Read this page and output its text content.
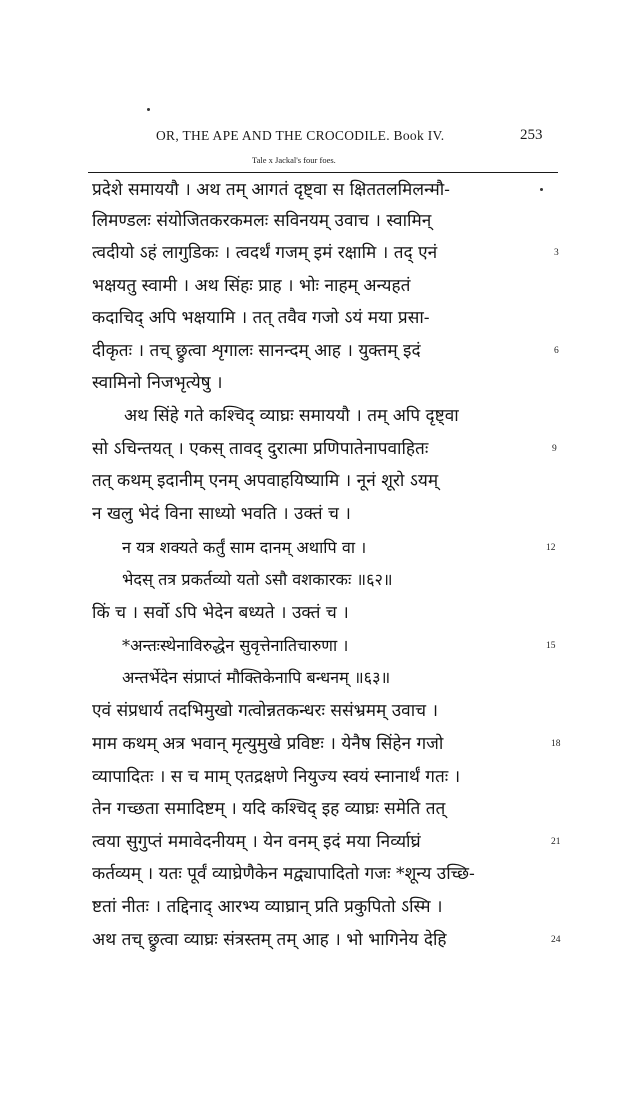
OR, THE APE AND THE CROCODILE. Book IV.	253
Tale x Jackal's four foes.
प्रदेशे समाययौ । अथ तम् आगतं दृष्ट्वा स क्षिततलमिलन्मौ-
लिमण्डलः संयोजितकरकमलः सविनयम् उवाच । स्वामिन्
त्वदीयो ऽहं लागुडिकः । त्वदर्थं गजम् इमं रक्षामि । तद् एनं
भक्षयतु स्वामी । अथ सिंहः प्राह । भोः नाहम् अन्यहतं
कदाचिद् अपि भक्षयामि । तत् तवैव गजो ऽयं मया प्रसा-
दीकृतः । तच् छ्रुत्वा शृगालः सानन्दम् आह । युक्तम् इदं
स्वामिनो निजभृत्येषु ।
अथ सिंहे गते कश्चिद् व्याघ्रः समाययौ । तम् अपि दृष्ट्वा
सो ऽचिन्तयत् । एकस् तावद् दुरात्मा प्रणिपातेनापवाहितः
तत् कथम् इदानीम् एनम् अपवाहयिष्यामि । नूनं शूरो ऽयम्
न खलु भेदं विना साध्यो भवति । उक्तं च ।
न यत्र शक्यते कर्तुं साम दानम् अथापि वा ।
भेदस् तत्र प्रकर्तव्यो यतो ऽसौ वशकारकः ॥६२॥
किं च । सर्वो ऽपि भेदेन बध्यते । उक्तं च ।
*अन्तःस्थेनाविरुद्धेन सुवृत्तेनातिचारुणा ।
अन्तर्भेदेन संप्राप्तं मौक्तिकेनापि बन्धनम् ॥६३॥
एवं संप्रधार्य तदभिमुखो गत्वोन्नतकन्धरः ससंभ्रमम् उवाच ।
माम कथम् अत्र भवान् मृत्युमुखे प्रविष्टः । येनैष सिंहेन गजो
व्यापादितः । स च माम् एतद्रक्षणे नियुज्य स्वयं स्नानार्थं गतः ।
तेन गच्छता समादिष्टम् । यदि कश्चिद् इह व्याघ्रः समेति तत्
त्वया सुगुप्तं ममावेदनीयम् । येन वनम् इदं मया निर्व्याघ्रं
कर्तव्यम् । यतः पूर्वं व्याघ्रेणैकेन मद्व्यापादितो गजः *शून्य उच्छि-
ष्टतां नीतः । तद्दिनाद् आरभ्य व्याघ्रान् प्रति प्रकुपितो ऽस्मि ।
अथ तच् छ्रुत्वा व्याघ्रः संत्रस्तम् तम् आह । भो भागिनेय देहि
3
6
9
12
15
18
21
24
